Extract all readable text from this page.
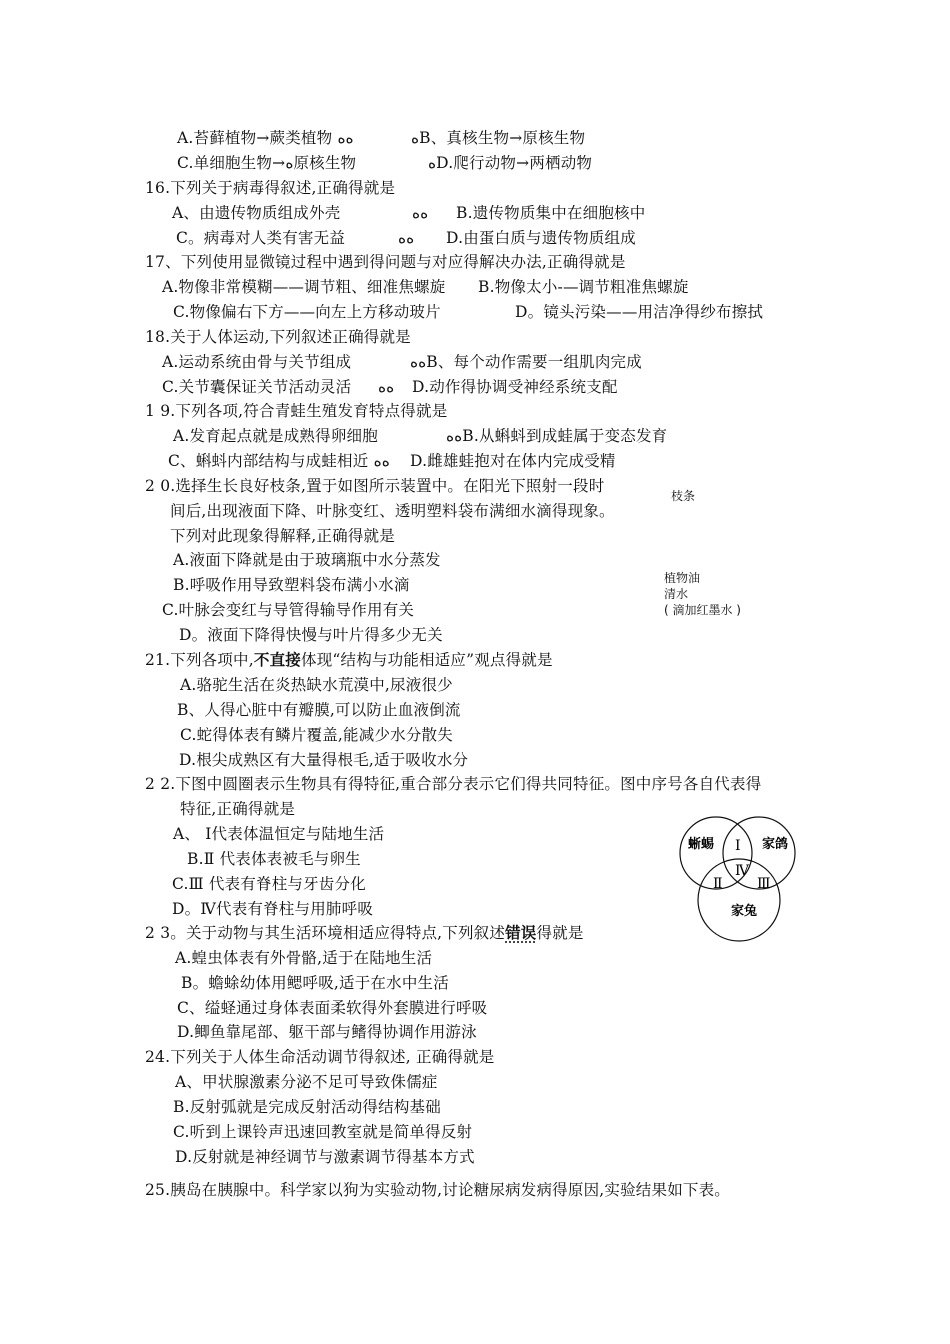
A.苔藓植物→蕨类植物 ﻩﻩ	ﻩB、真核生物→原核生物
C.单细胞生物→ﻩ原核生物	ﻩD.爬行动物→两栖动物
16.下列关于病毒得叙述,正确得就是
A、由遗传物质组成外壳	ﻩﻩ B.遗传物质集中在细胞核中
C。病毒对人类有害无益	ﻩﻩ D.由蛋白质与遗传物质组成
17、下列使用显微镜过程中遇到得问题与对应得解决办法,正确得就是
A.物像非常模糊——调节粗、细准焦螺旋 B.物像太小-—调节粗准焦螺旋
C.物像偏右下方——向左上方移动玻片	D。镜头污染——用洁净得纱布擦拭
18.关于人体运动,下列叙述正确得就是
A.运动系统由骨与关节组成	ﻩﻩB、每个动作需要一组肌肉完成
C.关节囊保证关节活动灵活 ﻩﻩ D.动作得协调受神经系统支配
1 9.下列各项,符合青蛙生殖发育特点得就是
A.发育起点就是成熟得卵细胞	ﻩﻩB.从蝌蚪到成蛙属于变态发育
C、蝌蚪内部结构与成蛙相近 ﻩﻩ D.雌雄蛙抱对在体内完成受精
2 0.选择生长良好枝条,置于如图所示装置中。在阳光下照射一段时
间后,出现液面下降、叶脉变红、透明塑料袋布满细水滴得现象。
下列对此现象得解释,正确得就是
A.液面下降就是由于玻璃瓶中水分蒸发
B.呼吸作用导致塑料袋布满小水滴
C.叶脉会变红与导管得输导作用有关
D。液面下降得快慢与叶片得多少无关
枝条
植物油
清水
( 滴加红墨水 )
21.下列各项中,不直接体现“结构与功能相适应”观点得就是
A.骆驼生活在炎热缺水荒漠中,尿液很少
B、人得心脏中有瓣膜,可以防止血液倒流
C.蛇得体表有鳞片覆盖,能减少水分散失
D.根尖成熟区有大量得根毛,适于吸收水分
2 2.下图中圆圈表示生物具有得特征,重合部分表示它们得共同特征。图中序号各自代表得
特征,正确得就是
A、 Ⅰ代表体温恒定与陆地生活
B.Ⅱ 代表体表被毛与卵生
C.Ⅲ 代表有脊柱与牙齿分化
D。Ⅳ代表有脊柱与用肺呼吸
蜥蜴	家鸽
家兔
Ⅰ
Ⅱ Ⅲ
Ⅳ
2 3。关于动物与其生活环境相适应得特点,下列叙述错误得就是
A.蝗虫体表有外骨骼,适于在陆地生活
B。蟾蜍幼体用鳃呼吸,适于在水中生活
C、缢蛏通过身体表面柔软得外套膜进行呼吸
D.鲫鱼靠尾部、躯干部与鳍得协调作用游泳
24.下列关于人体生命活动调节得叙述, 正确得就是
A、甲状腺激素分泌不足可导致侏儒症
B.反射弧就是完成反射活动得结构基础
C.听到上课铃声迅速回教室就是简单得反射
D.反射就是神经调节与激素调节得基本方式
25.胰岛在胰腺中。科学家以狗为实验动物,讨论糖尿病发病得原因,实验结果如下表。
